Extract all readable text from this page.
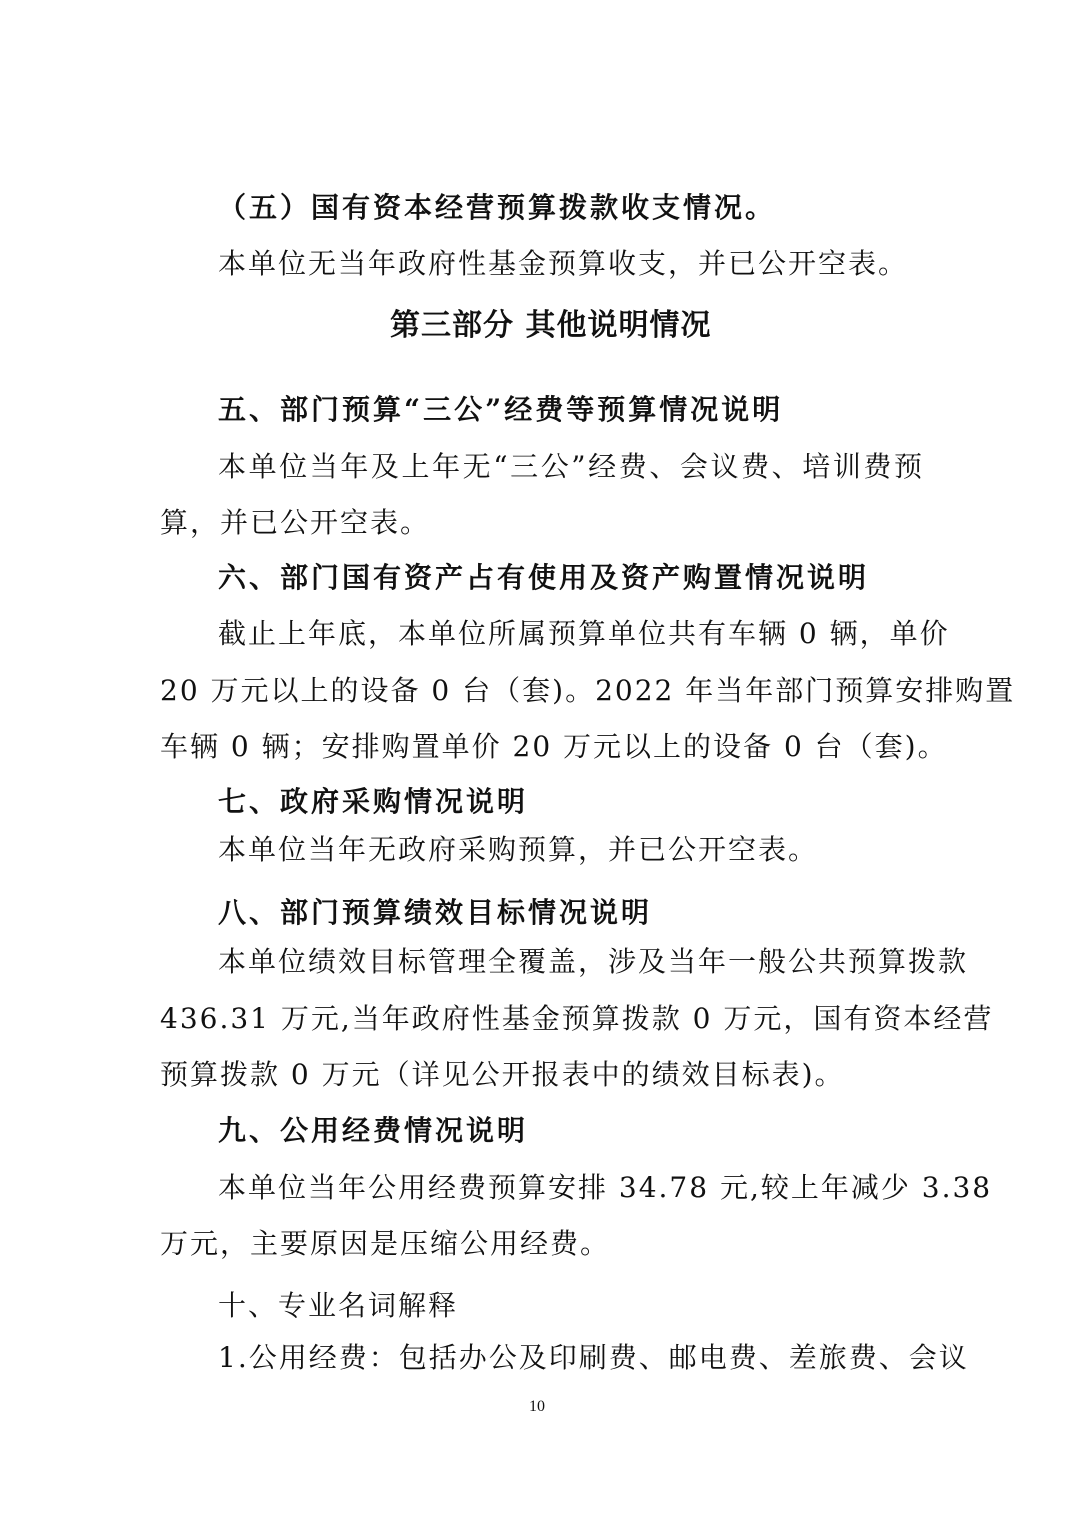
（五）国有资本经营预算拨款收支情况。
本单位无当年政府性基金预算收支，并已公开空表。
第三部分 其他说明情况
五、部门预算“三公”经费等预算情况说明
本单位当年及上年无“三公”经费、会议费、培训费预
算，并已公开空表。
六、部门国有资产占有使用及资产购置情况说明
截止上年底，本单位所属预算单位共有车辆 0 辆，单价
20 万元以上的设备 0 台（套)。2022 年当年部门预算安排购置
车辆 0 辆；安排购置单价 20 万元以上的设备 0 台（套)。
七、政府采购情况说明
本单位当年无政府采购预算，并已公开空表。
八、部门预算绩效目标情况说明
本单位绩效目标管理全覆盖，涉及当年一般公共预算拨款
436.31 万元,当年政府性基金预算拨款 0 万元，国有资本经营
预算拨款 0 万元（详见公开报表中的绩效目标表)。
九、公用经费情况说明
本单位当年公用经费预算安排 34.78 元,较上年减少 3.38
万元，主要原因是压缩公用经费。
十、专业名词解释
1.公用经费：包括办公及印刷费、邮电费、差旅费、会议
10
